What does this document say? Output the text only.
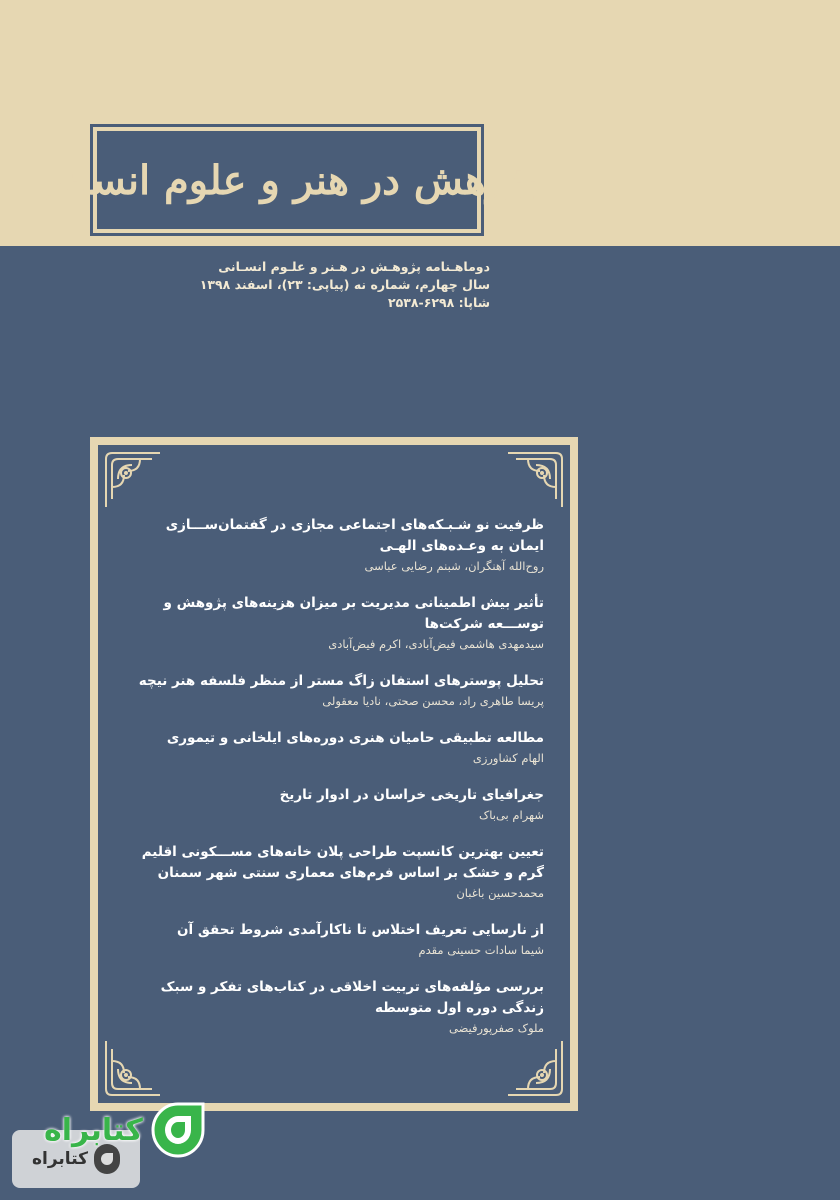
پژوهش در هنر و علوم انسانی
دوماهـنامه پژوهـش در هـنر و علـوم انسـانی
سال چهارم، شماره نه (پیاپی: ۲۳)، اسفند ۱۳۹۸
شاپا: ۶۲۹۸-۲۵۳۸
ظرفیت نو شـبـکه‌های اجتماعی مجازی در گفتمان‌ســـازی ایمان به وعـده‌های الهـی
روح‌الله آهنگران، شبنم رضایی عباسی
تأثیر بیش اطمینانی مدیریت بر میزان هزینه‌های پژوهش و توســـعه شرکت‌ها
سیدمهدی هاشمی فیض‌آبادی، اکرم فیض‌آبادی
تحلیل پوسترهای استفان زاگ مستر از منظر فلسفه هنر نیچه
پریسا طاهری راد، محسن صحتی، نادیا معقولی
مطالعه تطبیقی حامیان هنری دوره‌های ایلخانی و تیموری
الهام کشاورزی
جغرافیای تاریخی خراسان در ادوار تاریخ
شهرام بی‌باک
تعیین بهترین کانسپت طراحی پلان خانه‌های مســـکونی اقلیم گرم و خشک بر اساس فرم‌های معماری سنتی شهر سمنان
محمدحسین باغبان
از نارسایی تعریف اختلاس تا ناکارآمدی شروط تحقق آن
شیما سادات حسینی مقدم
بررسی مؤلفه‌های تربیت اخلاقی در کتاب‌های تفکر و سبک زندگی دوره اول متوسطه
ملوک صفرپورفیضی
کتابراه
کتابراه
